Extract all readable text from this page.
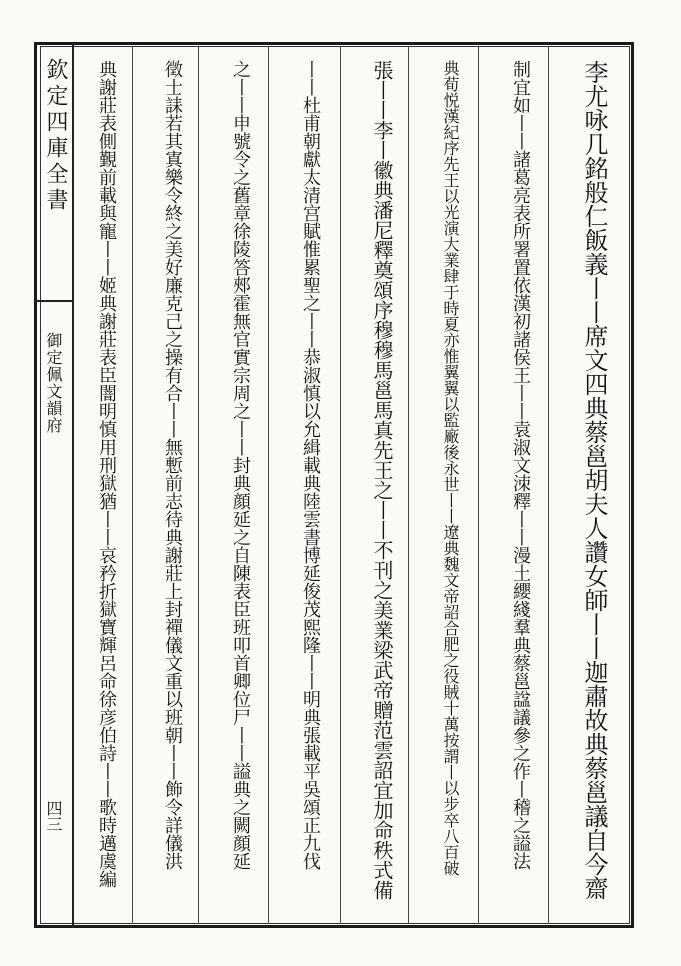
欽定四庫全書
御定佩文韻府
四三	李尤咏几銘般仁飯義丨丨席文四典蔡邕胡夫人讚女師丨丨迦肅故典蔡邕議自今齋
制宜如丨丨諸葛亮表所署置依漢初諸侯王丨丨袁淑文洓釋丨丨漫土纓綫羣典蔡邕諡議參之作丨稽之謚法
典荀悦漢紀序先王以光演大業肆于時夏亦惟翼翼以監廠後永世丨丨遼典魏文帝詔合肥之役賊十萬按謂丨以步卒八百破
張丨丨李丨徽典潘尼釋奠頌序穆穆馬邕馬真先王之丨丨不刊之美業梁武帝贈范雲詔宜加命秩式備
丨丨杜甫朝獻太清宫賦惟累聖之丨丨恭淑慎以允緝載典陸雲書博延俊茂熙隆丨丨明典張載平吳頌正九伐
之丨丨申號令之舊章徐陵答郟霍無官實宗周之丨丨封典顔延之自陳表臣班叩首卿位尸丨丨謚典之闕顔延
徵士誄若其寘樂令終之美好廉克己之操有合丨丨無慙前志待典謝莊上封禪儀文重以班朝丨丨飾令詳儀洪
典謝莊表側覲前載與寵丨丨姬典謝莊表臣闇明慎用刑獄猶丨丨哀矜折獄寶輝呂命徐彦伯詩丨丨歌時邁虞編
